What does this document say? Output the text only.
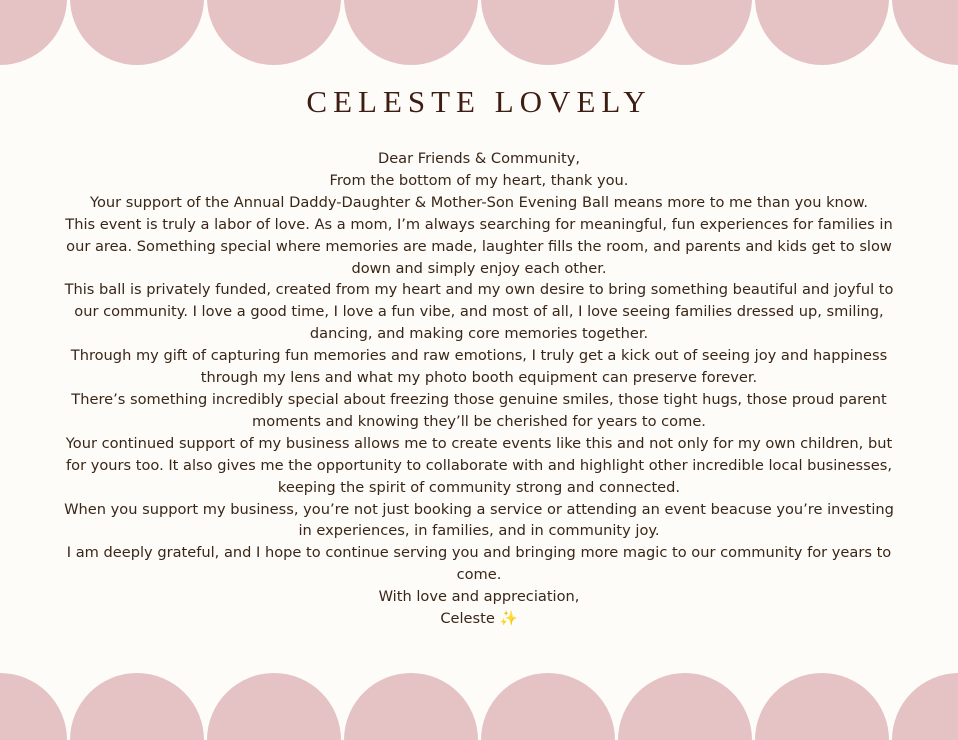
CELESTE LOVELY

Dear Friends & Community,

From the bottom of my heart, thank you.

Your support of the Annual Daddy-Daughter & Mother-Son Evening Ball means more to me than you know.

This event is truly a labor of love. As a mom, I’m always searching for meaningful, fun experiences for families in our area. Something special where memories are made, laughter fills the room, and parents and kids get to slow down and simply enjoy each other.

This ball is privately funded, created from my heart and my own desire to bring something beautiful and joyful to our community. I love a good time, I love a fun vibe, and most of all, I love seeing families dressed up, smiling, dancing, and making core memories together.

Through my gift of capturing fun memories and raw emotions, I truly get a kick out of seeing joy and happiness through my lens and what my photo booth equipment can preserve forever.

There’s something incredibly special about freezing those genuine smiles, those tight hugs, those proud parent moments and knowing they’ll be cherished for years to come.

Your continued support of my business allows me to create events like this and not only for my own children, but for yours too. It also gives me the opportunity to collaborate with and highlight other incredible local businesses, keeping the spirit of community strong and connected.

When you support my business, you’re not just booking a service or attending an event beacuse you’re investing in experiences, in families, and in community joy.

I am deeply grateful, and I hope to continue serving you and bringing more magic to our community for years to come.

With love and appreciation,

Celeste ✨
